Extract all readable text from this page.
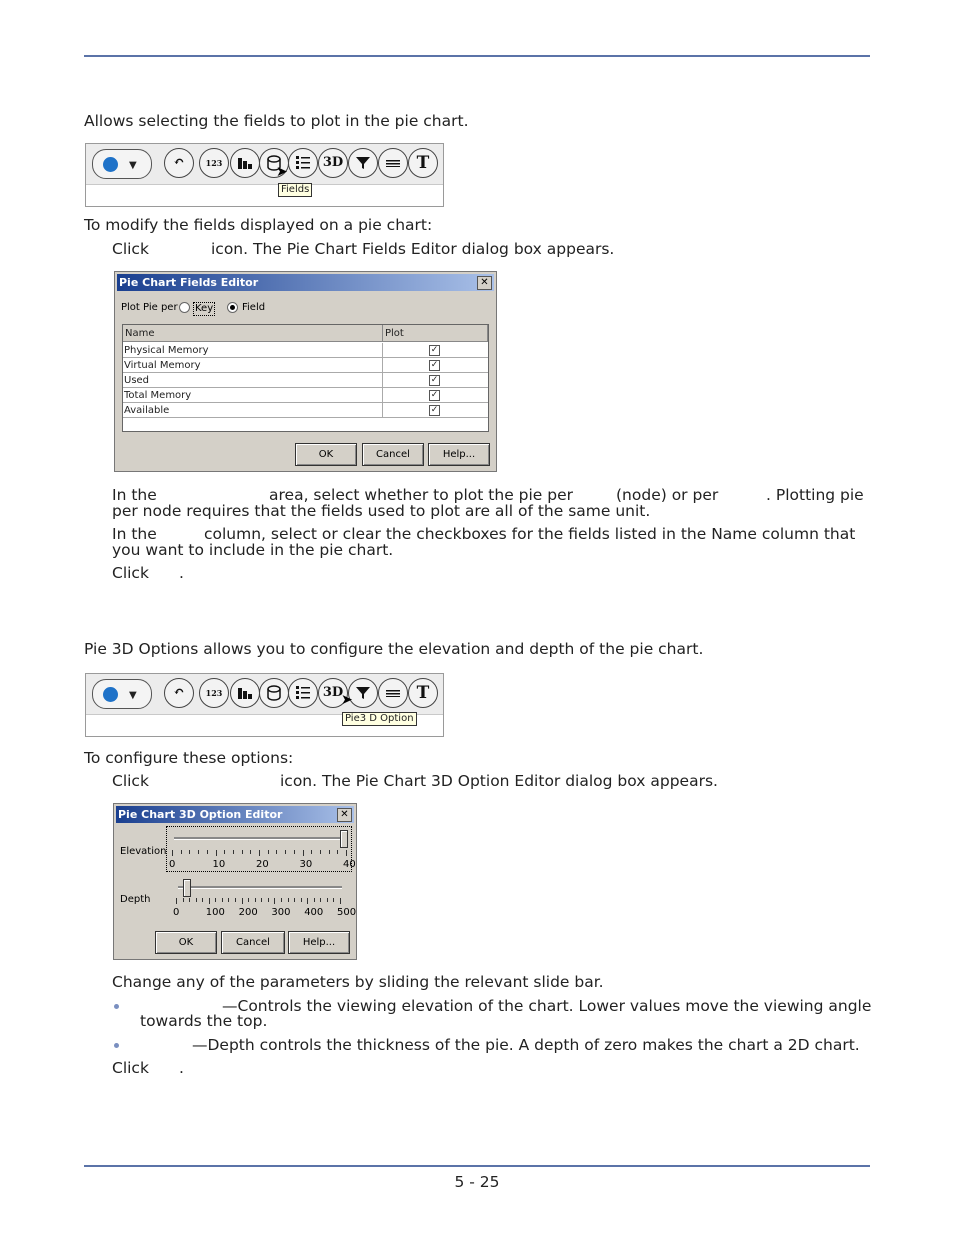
Allows selecting the fields to plot in the pie chart.
▼	↶	123	3D	T
➤
Fields
To modify the fields displayed on a pie chart:
Click	icon. The Pie Chart Fields Editor dialog box appears.
Pie Chart Fields Editor	✕
Plot Pie per Key	Field
Name	Plot
Physical Memory	✓
Virtual Memory	✓
Used	✓
Total Memory	✓
Available	✓
OK	Cancel	Help...
In the	area, select whether to plot the pie per	(node) or per	. Plotting pie
per node requires that the fields used to plot are all of the same unit.
In the	column, select or clear the checkboxes for the fields listed in the Name column that
you want to include in the pie chart.
Click .
Pie 3D Options allows you to configure the elevation and depth of the pie chart.
▼	↶	123	3D	T
➤
Pie3 D Option
To configure these options:
Click	icon. The Pie Chart 3D Option Editor dialog box appears.
Pie Chart 3D Option Editor	✕
Elevation
0	10	20	30	40
Depth
0	100 200 300 400 500
OK	Cancel	Help...
Change any of the parameters by sliding the relevant slide bar.
—Controls the viewing elevation of the chart. Lower values move the viewing angle
towards the top.
—Depth controls the thickness of the pie. A depth of zero makes the chart a 2D chart.
Click .
5 - 25
